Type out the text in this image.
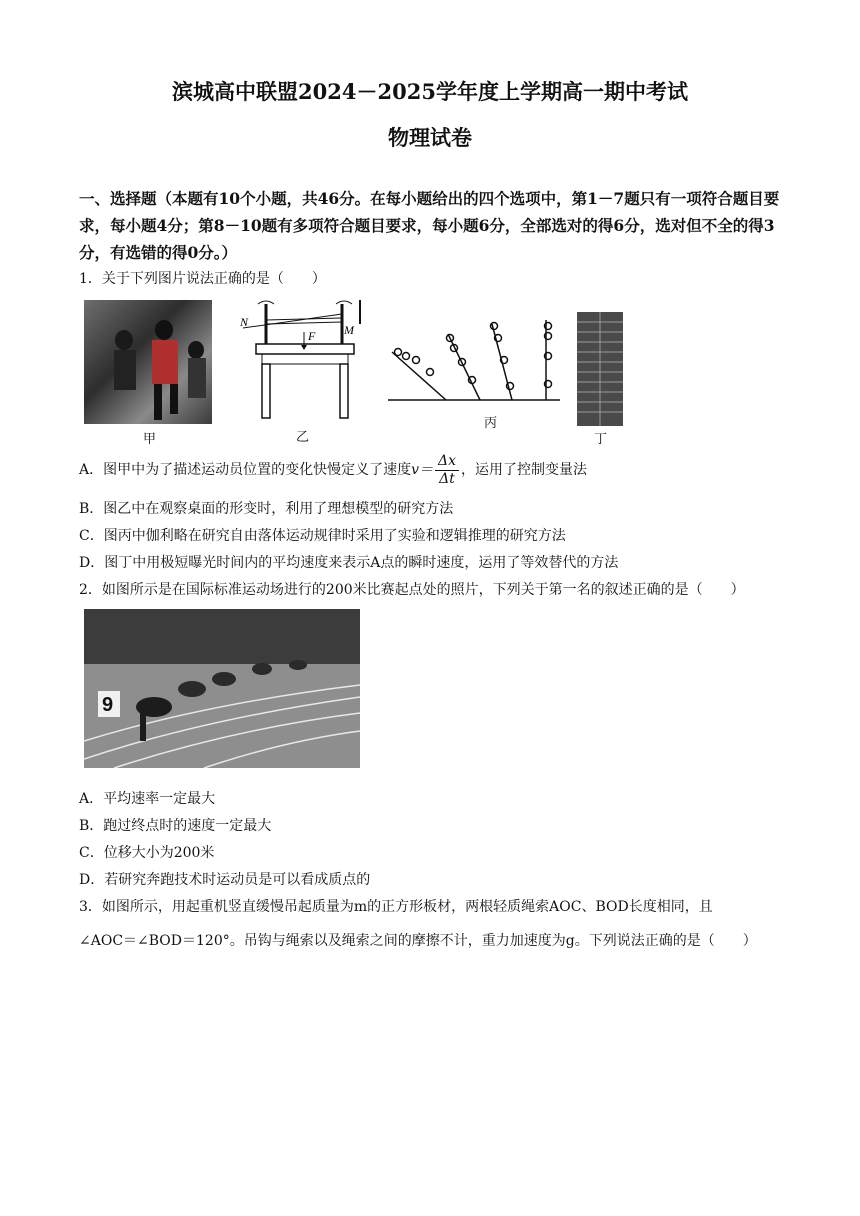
滨城高中联盟2024－2025学年度上学期高一期中考试
物理试卷
一、选择题（本题有10个小题，共46分。在每小题给出的四个选项中，第1－7题只有一项符合题目要求，每小题4分；第8－10题有多项符合题目要求，每小题6分，全部选对的得6分，选对但不全的得3分，有选错的得0分。）
1．关于下列图片说法正确的是（　　）
甲
N
M
F
乙
丙
丁
A．图甲中为了描述运动员位置的变化快慢定义了速度$v= \frac{\Delta x}{\Delta t}$ ，运用了控制变量法
B．图乙中在观察桌面的形变时，利用了理想模型的研究方法
C．图丙中伽利略在研究自由落体运动规律时采用了实验和逻辑推理的研究方法
D．图丁中用极短曝光时间内的平均速度来表示A点的瞬时速度，运用了等效替代的方法
2．如图所示是在国际标准运动场进行的200米比赛起点处的照片，下列关于第一名的叙述正确的是（　　）
9
A．平均速率一定最大
B．跑过终点时的速度一定最大
C．位移大小为200米
D．若研究奔跑技术时运动员是可以看成质点的
3．如图所示，用起重机竖直缓慢吊起质量为m的正方形板材，两根轻质绳索AOC、BOD长度相同，且
∠AOC＝∠BOD＝120°。吊钩与绳索以及绳索之间的摩擦不计，重力加速度为g。下列说法正确的是（　　）
